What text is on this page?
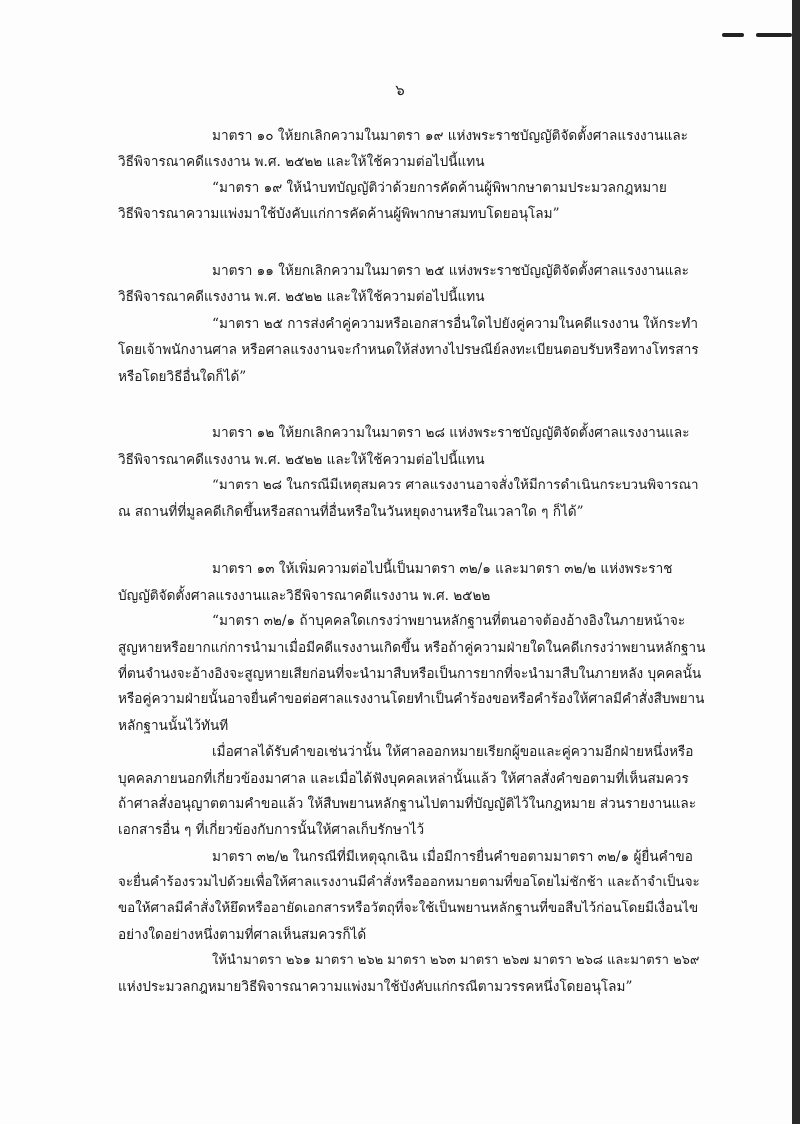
๖
มาตรา ๑๐ ให้ยกเลิกความในมาตรา ๑๙ แห่งพระราชบัญญัติจัดตั้งศาลแรงงานและ
วิธีพิจารณาคดีแรงงาน พ.ศ. ๒๕๒๒ และให้ใช้ความต่อไปนี้แทน
“มาตรา ๑๙ ให้นำบทบัญญัติว่าด้วยการคัดค้านผู้พิพากษาตามประมวลกฎหมาย
วิธีพิจารณาความแพ่งมาใช้บังคับแก่การคัดค้านผู้พิพากษาสมทบโดยอนุโลม”
มาตรา ๑๑ ให้ยกเลิกความในมาตรา ๒๕ แห่งพระราชบัญญัติจัดตั้งศาลแรงงานและ
วิธีพิจารณาคดีแรงงาน พ.ศ. ๒๕๒๒ และให้ใช้ความต่อไปนี้แทน
“มาตรา ๒๕ การส่งคำคู่ความหรือเอกสารอื่นใดไปยังคู่ความในคดีแรงงาน ให้กระทำ
โดยเจ้าพนักงานศาล หรือศาลแรงงานจะกำหนดให้ส่งทางไปรษณีย์ลงทะเบียนตอบรับหรือทางโทรสาร
หรือโดยวิธีอื่นใดก็ได้”
มาตรา ๑๒ ให้ยกเลิกความในมาตรา ๒๘ แห่งพระราชบัญญัติจัดตั้งศาลแรงงานและ
วิธีพิจารณาคดีแรงงาน พ.ศ. ๒๕๒๒ และให้ใช้ความต่อไปนี้แทน
“มาตรา ๒๘ ในกรณีมีเหตุสมควร ศาลแรงงานอาจสั่งให้มีการดำเนินกระบวนพิจารณา
ณ สถานที่ที่มูลคดีเกิดขึ้นหรือสถานที่อื่นหรือในวันหยุดงานหรือในเวลาใด ๆ ก็ได้”
มาตรา ๑๓ ให้เพิ่มความต่อไปนี้เป็นมาตรา ๓๒/๑ และมาตรา ๓๒/๒ แห่งพระราช
บัญญัติจัดตั้งศาลแรงงานและวิธีพิจารณาคดีแรงงาน พ.ศ. ๒๕๒๒
“มาตรา ๓๒/๑ ถ้าบุคคลใดเกรงว่าพยานหลักฐานที่ตนอาจต้องอ้างอิงในภายหน้าจะ
สูญหายหรือยากแก่การนำมาเมื่อมีคดีแรงงานเกิดขึ้น หรือถ้าคู่ความฝ่ายใดในคดีเกรงว่าพยานหลักฐาน
ที่ตนจำนงจะอ้างอิงจะสูญหายเสียก่อนที่จะนำมาสืบหรือเป็นการยากที่จะนำมาสืบในภายหลัง บุคคลนั้น
หรือคู่ความฝ่ายนั้นอาจยื่นคำขอต่อศาลแรงงานโดยทำเป็นคำร้องขอหรือคำร้องให้ศาลมีคำสั่งสืบพยาน
หลักฐานนั้นไว้ทันที
เมื่อศาลได้รับคำขอเช่นว่านั้น ให้ศาลออกหมายเรียกผู้ขอและคู่ความอีกฝ่ายหนึ่งหรือ
บุคคลภายนอกที่เกี่ยวข้องมาศาล และเมื่อได้ฟังบุคคลเหล่านั้นแล้ว ให้ศาลสั่งคำขอตามที่เห็นสมควร
ถ้าศาลสั่งอนุญาตตามคำขอแล้ว ให้สืบพยานหลักฐานไปตามที่บัญญัติไว้ในกฎหมาย ส่วนรายงานและ
เอกสารอื่น ๆ ที่เกี่ยวข้องกับการนั้นให้ศาลเก็บรักษาไว้
มาตรา ๓๒/๒ ในกรณีที่มีเหตุฉุกเฉิน เมื่อมีการยื่นคำขอตามมาตรา ๓๒/๑ ผู้ยื่นคำขอ
จะยื่นคำร้องรวมไปด้วยเพื่อให้ศาลแรงงานมีคำสั่งหรือออกหมายตามที่ขอโดยไม่ชักช้า และถ้าจำเป็นจะ
ขอให้ศาลมีคำสั่งให้ยึดหรืออายัดเอกสารหรือวัตถุที่จะใช้เป็นพยานหลักฐานที่ขอสืบไว้ก่อนโดยมีเงื่อนไข
อย่างใดอย่างหนึ่งตามที่ศาลเห็นสมควรก็ได้
ให้นำมาตรา ๒๖๑ มาตรา ๒๖๒ มาตรา ๒๖๓ มาตรา ๒๖๗ มาตรา ๒๖๘ และมาตรา ๒๖๙
แห่งประมวลกฎหมายวิธีพิจารณาความแพ่งมาใช้บังคับแก่กรณีตามวรรคหนึ่งโดยอนุโลม”
